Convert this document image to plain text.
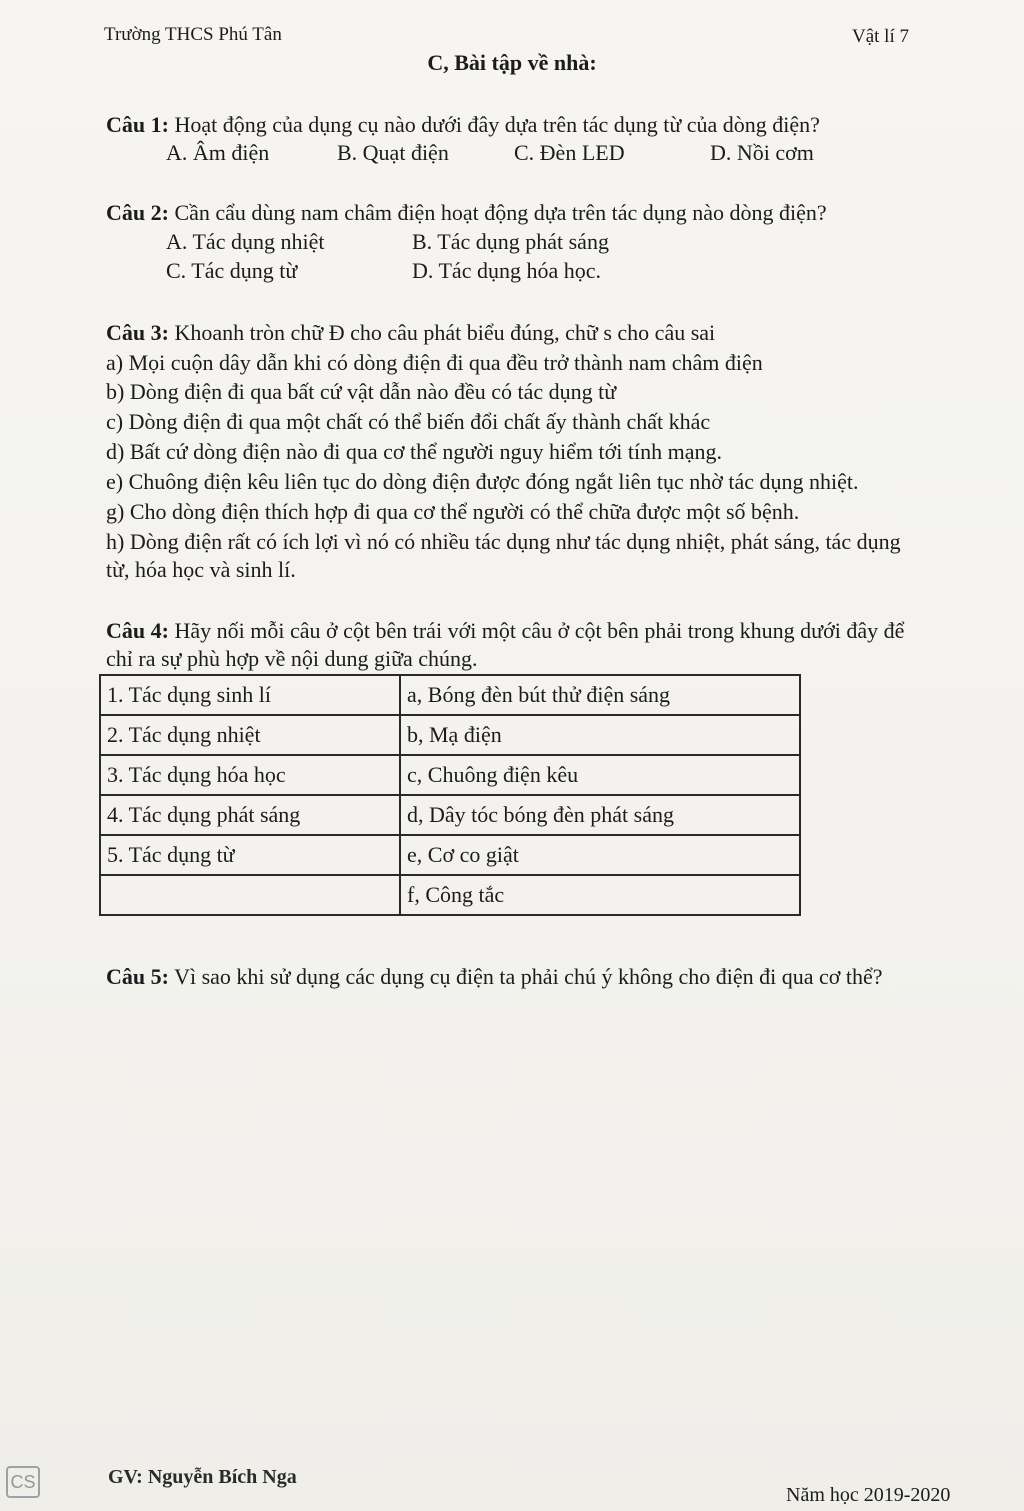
Trường THCS Phú Tân	Vật lí 7
C, Bài tập về nhà:
Câu 1: Hoạt động của dụng cụ nào dưới đây dựa trên tác dụng từ của dòng điện?
A. Âm điện	B. Quạt điện	C. Đèn LED	D. Nồi cơm
Câu 2: Cần cẩu dùng nam châm điện hoạt động dựa trên tác dụng nào dòng điện?
A. Tác dụng nhiệt	B. Tác dụng phát sáng
C. Tác dụng từ	D. Tác dụng hóa học.
Câu 3: Khoanh tròn chữ Đ cho câu phát biểu đúng, chữ s cho câu sai
a) Mọi cuộn dây dẫn khi có dòng điện đi qua đều trở thành nam châm điện
b) Dòng điện đi qua bất cứ vật dẫn nào đều có tác dụng từ
c) Dòng điện đi qua một chất có thể biến đổi chất ấy thành chất khác
d) Bất cứ dòng điện nào đi qua cơ thể người nguy hiểm tới tính mạng.
e) Chuông điện kêu liên tục do dòng điện được đóng ngắt liên tục nhờ tác dụng nhiệt.
g) Cho dòng điện thích hợp đi qua cơ thể người có thể chữa được một số bệnh.
h) Dòng điện rất có ích lợi vì nó có nhiều tác dụng như tác dụng nhiệt, phát sáng, tác dụng
từ, hóa học và sinh lí.
Câu 4: Hãy nối mỗi câu ở cột bên trái với một câu ở cột bên phải trong khung dưới đây để
chỉ ra sự phù hợp về nội dung giữa chúng.
1. Tác dụng sinh lí	a, Bóng đèn bút thử điện sáng
2. Tác dụng nhiệt	b, Mạ điện
3. Tác dụng hóa học	c, Chuông điện kêu
4. Tác dụng phát sáng	d, Dây tóc bóng đèn phát sáng
5. Tác dụng từ	e, Cơ co giật
	f, Công tắc
Câu 5: Vì sao khi sử dụng các dụng cụ điện ta phải chú ý không cho điện đi qua cơ thể?
CS	GV: Nguyễn Bích Nga
Năm học 2019-2020
